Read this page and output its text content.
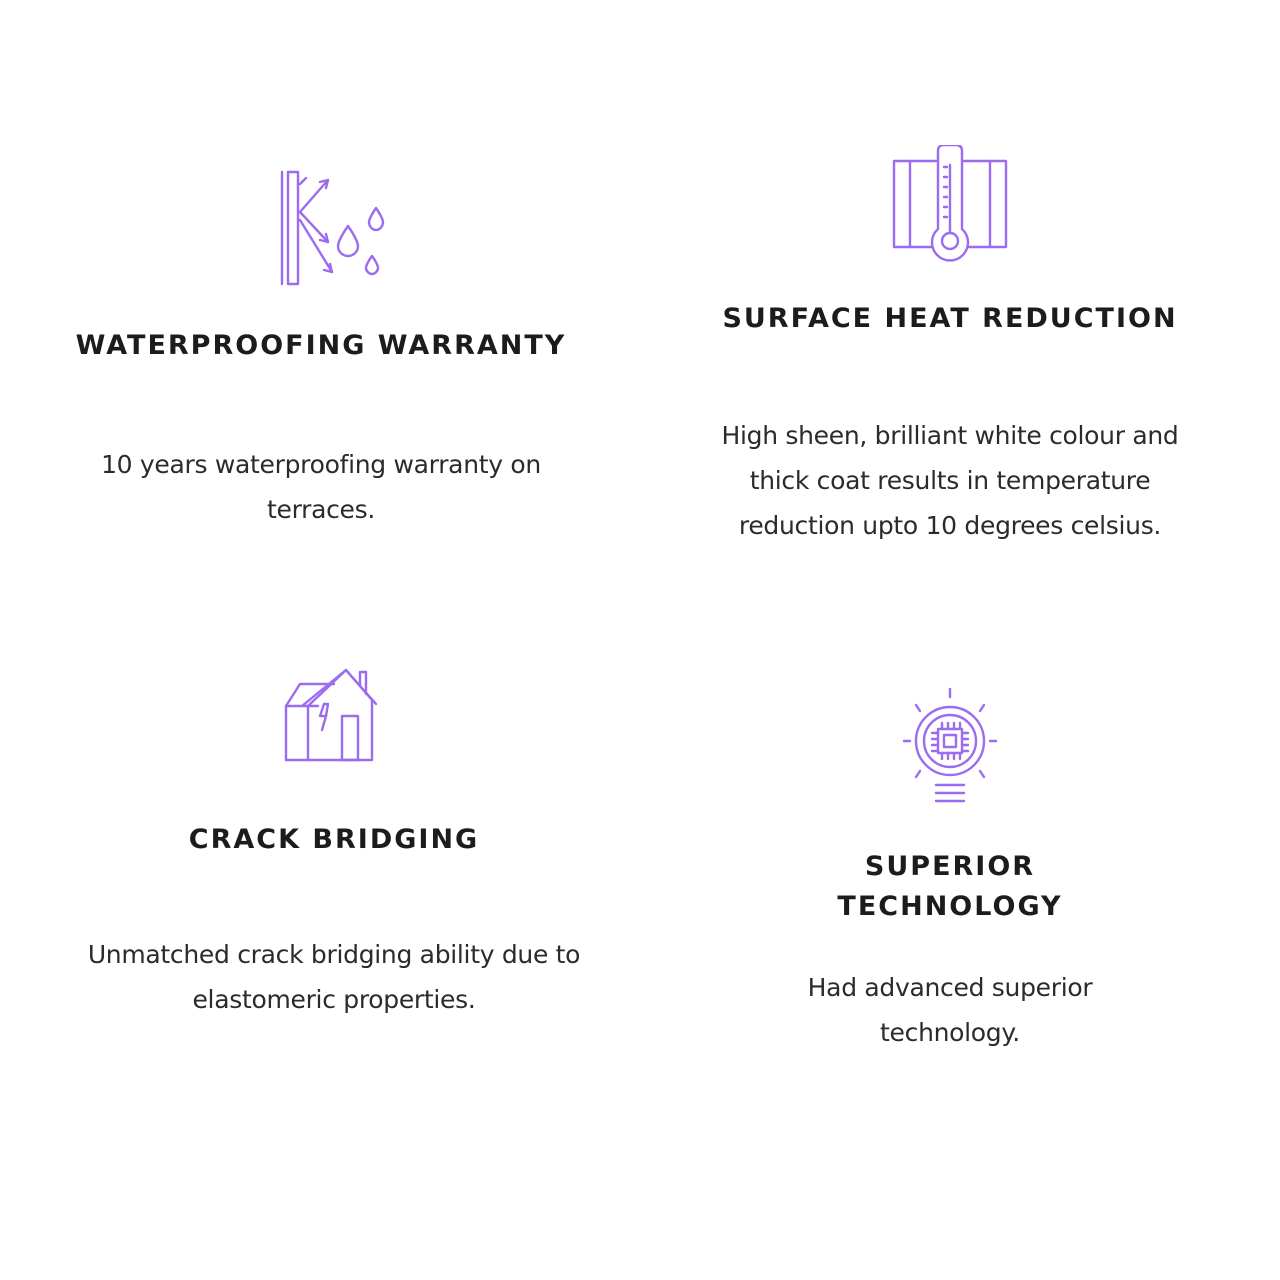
WATERPROOFING WARRANTY

10 years waterproofing warranty on
terraces.

SURFACE HEAT REDUCTION

High sheen, brilliant white colour and
thick coat results in temperature
reduction upto 10 degrees celsius.

CRACK BRIDGING

Unmatched crack bridging ability due to
elastomeric properties.

SUPERIOR
TECHNOLOGY

Had advanced superior
technology.
